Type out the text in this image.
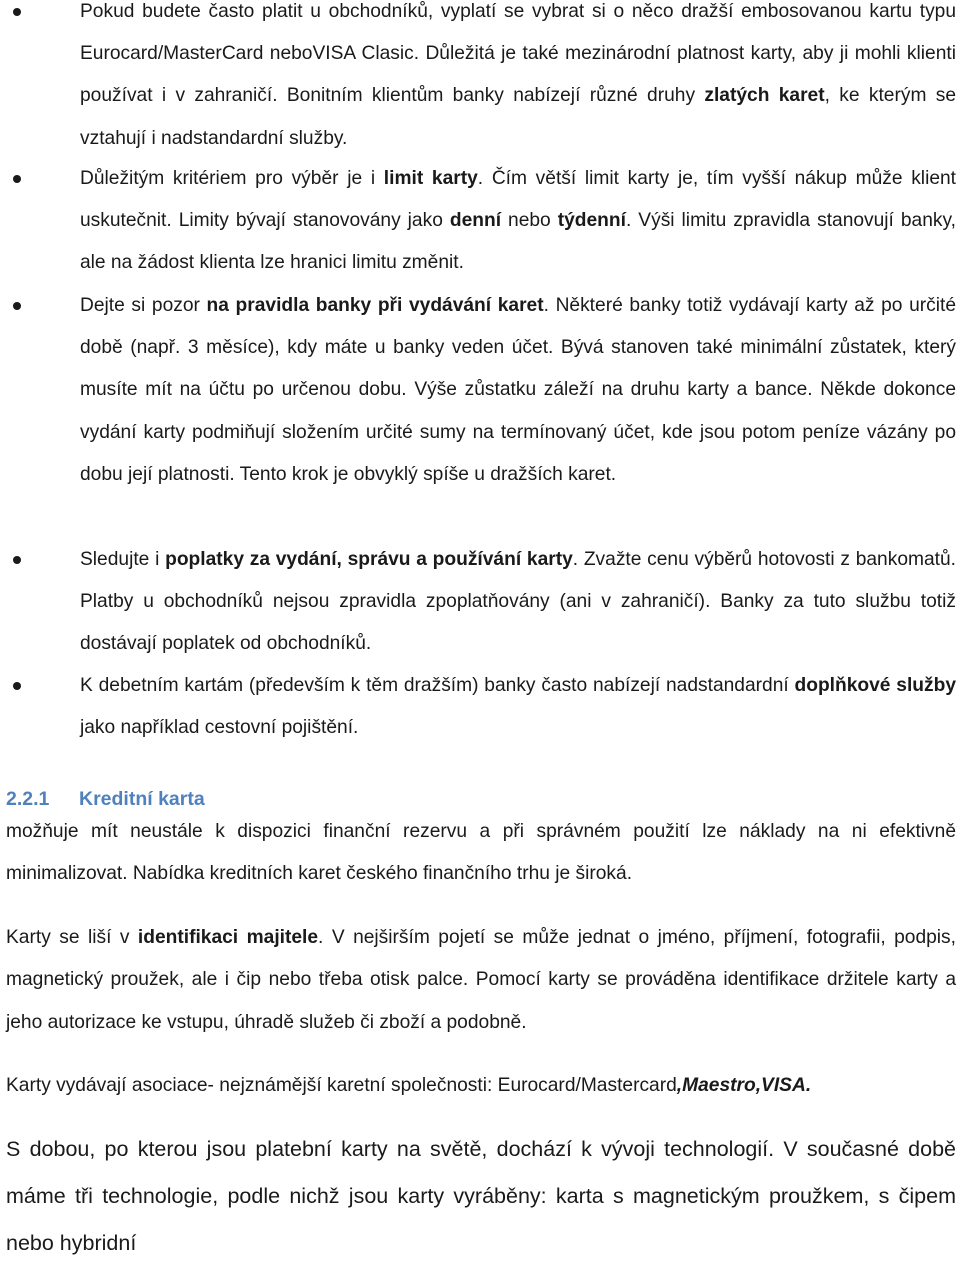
Pokud budete často platit u obchodníků, vyplatí se vybrat si o něco dražší embosovanou kartu typu Eurocard/MasterCard neboVISA Clasic. Důležitá je také mezinárodní platnost karty, aby ji mohli klienti používat i v zahraničí. Bonitním klientům banky nabízejí různé druhy zlatých karet, ke kterým se vztahují i nadstandardní služby.
Důležitým kritériem pro výběr je i limit karty. Čím větší limit karty je, tím vyšší nákup může klient uskutečnit. Limity bývají stanovovány jako denní nebo týdenní. Výši limitu zpravidla stanovují banky, ale na žádost klienta lze hranici limitu změnit.
Dejte si pozor na pravidla banky při vydávání karet. Některé banky totiž vydávají karty až po určité době (např. 3 měsíce), kdy máte u banky veden účet. Bývá stanoven také minimální zůstatek, který musíte mít na účtu po určenou dobu. Výše zůstatku záleží na druhu karty a bance. Někde dokonce vydání karty podmiňují složením určité sumy na termínovaný účet, kde jsou potom peníze vázány po dobu její platnosti. Tento krok je obvyklý spíše u dražších karet.
Sledujte i poplatky za vydání, správu a používání karty. Zvažte cenu výběrů hotovosti z bankomatů. Platby u obchodníků nejsou zpravidla zpoplatňovány (ani v zahraničí). Banky za tuto službu totiž dostávají poplatek od obchodníků.
K debetním kartám (především k těm dražším) banky často nabízejí nadstandardní doplňkové služby jako například cestovní pojištění.
2.2.1 Kreditní karta
možňuje mít neustále k dispozici finanční rezervu a při správném použití lze náklady na ni efektivně minimalizovat. Nabídka kreditních karet českého finančního trhu je široká.
Karty se liší v identifikaci majitele. V nejširším pojetí se může jednat o jméno, příjmení, fotografii, podpis, magnetický proužek, ale i čip nebo třeba otisk palce. Pomocí karty se prováděna identifikace držitele karty a jeho autorizace ke vstupu, úhradě služeb či zboží a podobně.
Karty vydávají asociace- nejznámější karetní společnosti: Eurocard/Mastercard,Maestro,VISA.
S dobou, po kterou jsou platební karty na světě, dochází k vývoji technologií. V současné době máme tři technologie, podle nichž jsou karty vyráběny: karta s magnetickým proužkem, s čipem nebo hybridní
